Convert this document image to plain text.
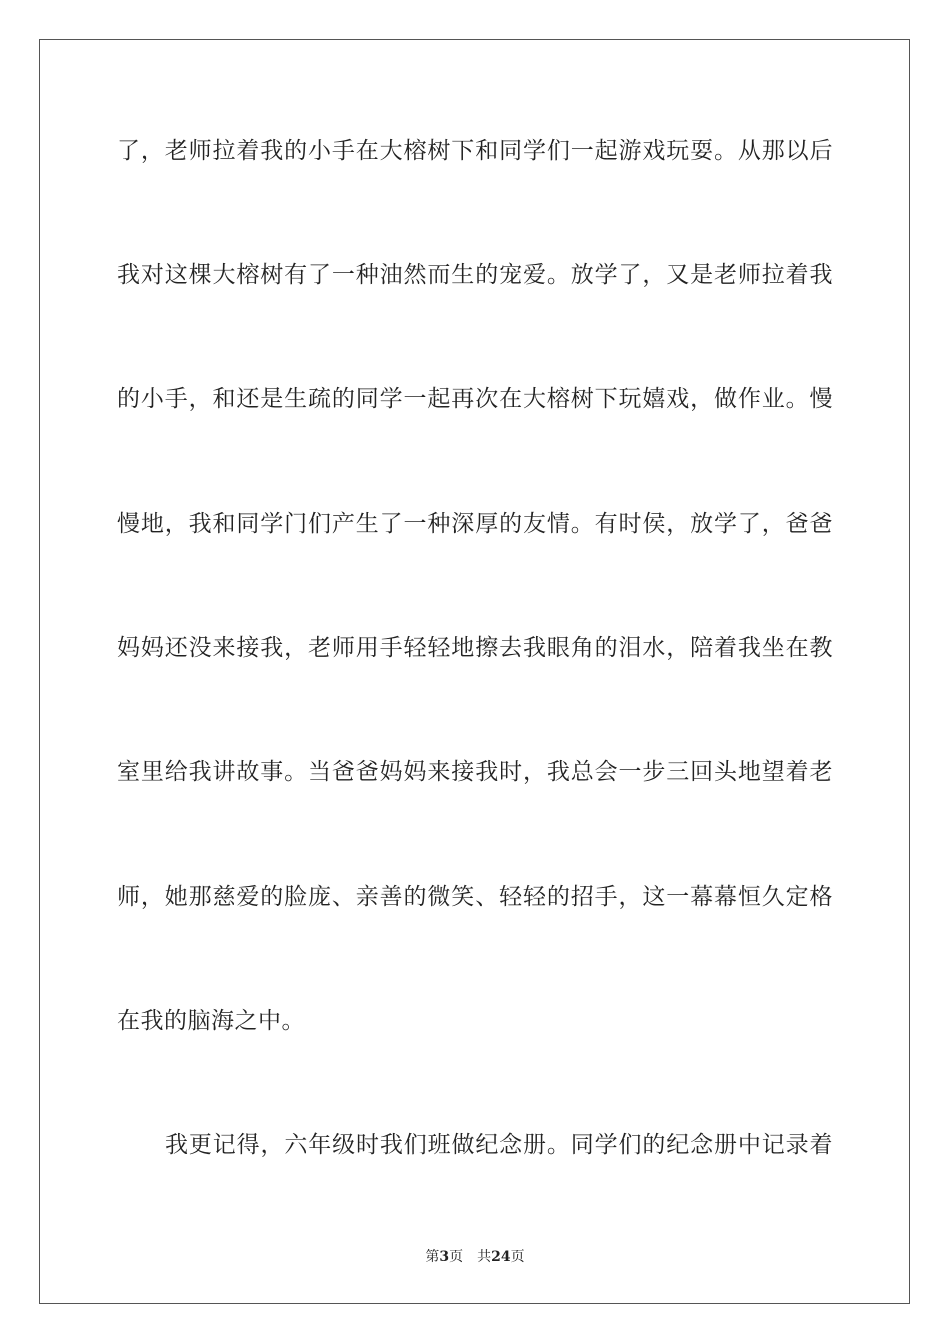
了，老师拉着我的小手在大榕树下和同学们一起游戏玩耍。从那以后
我对这棵大榕树有了一种油然而生的宠爱。放学了，又是老师拉着我
的小手，和还是生疏的同学一起再次在大榕树下玩嬉戏，做作业。慢
慢地，我和同学门们产生了一种深厚的友情。有时侯，放学了，爸爸
妈妈还没来接我，老师用手轻轻地擦去我眼角的泪水，陪着我坐在教
室里给我讲故事。当爸爸妈妈来接我时，我总会一步三回头地望着老
师，她那慈爱的脸庞、亲善的微笑、轻轻的招手，这一幕幕恒久定格
在我的脑海之中。
我更记得，六年级时我们班做纪念册。同学们的纪念册中记录着
第3页 共24页
